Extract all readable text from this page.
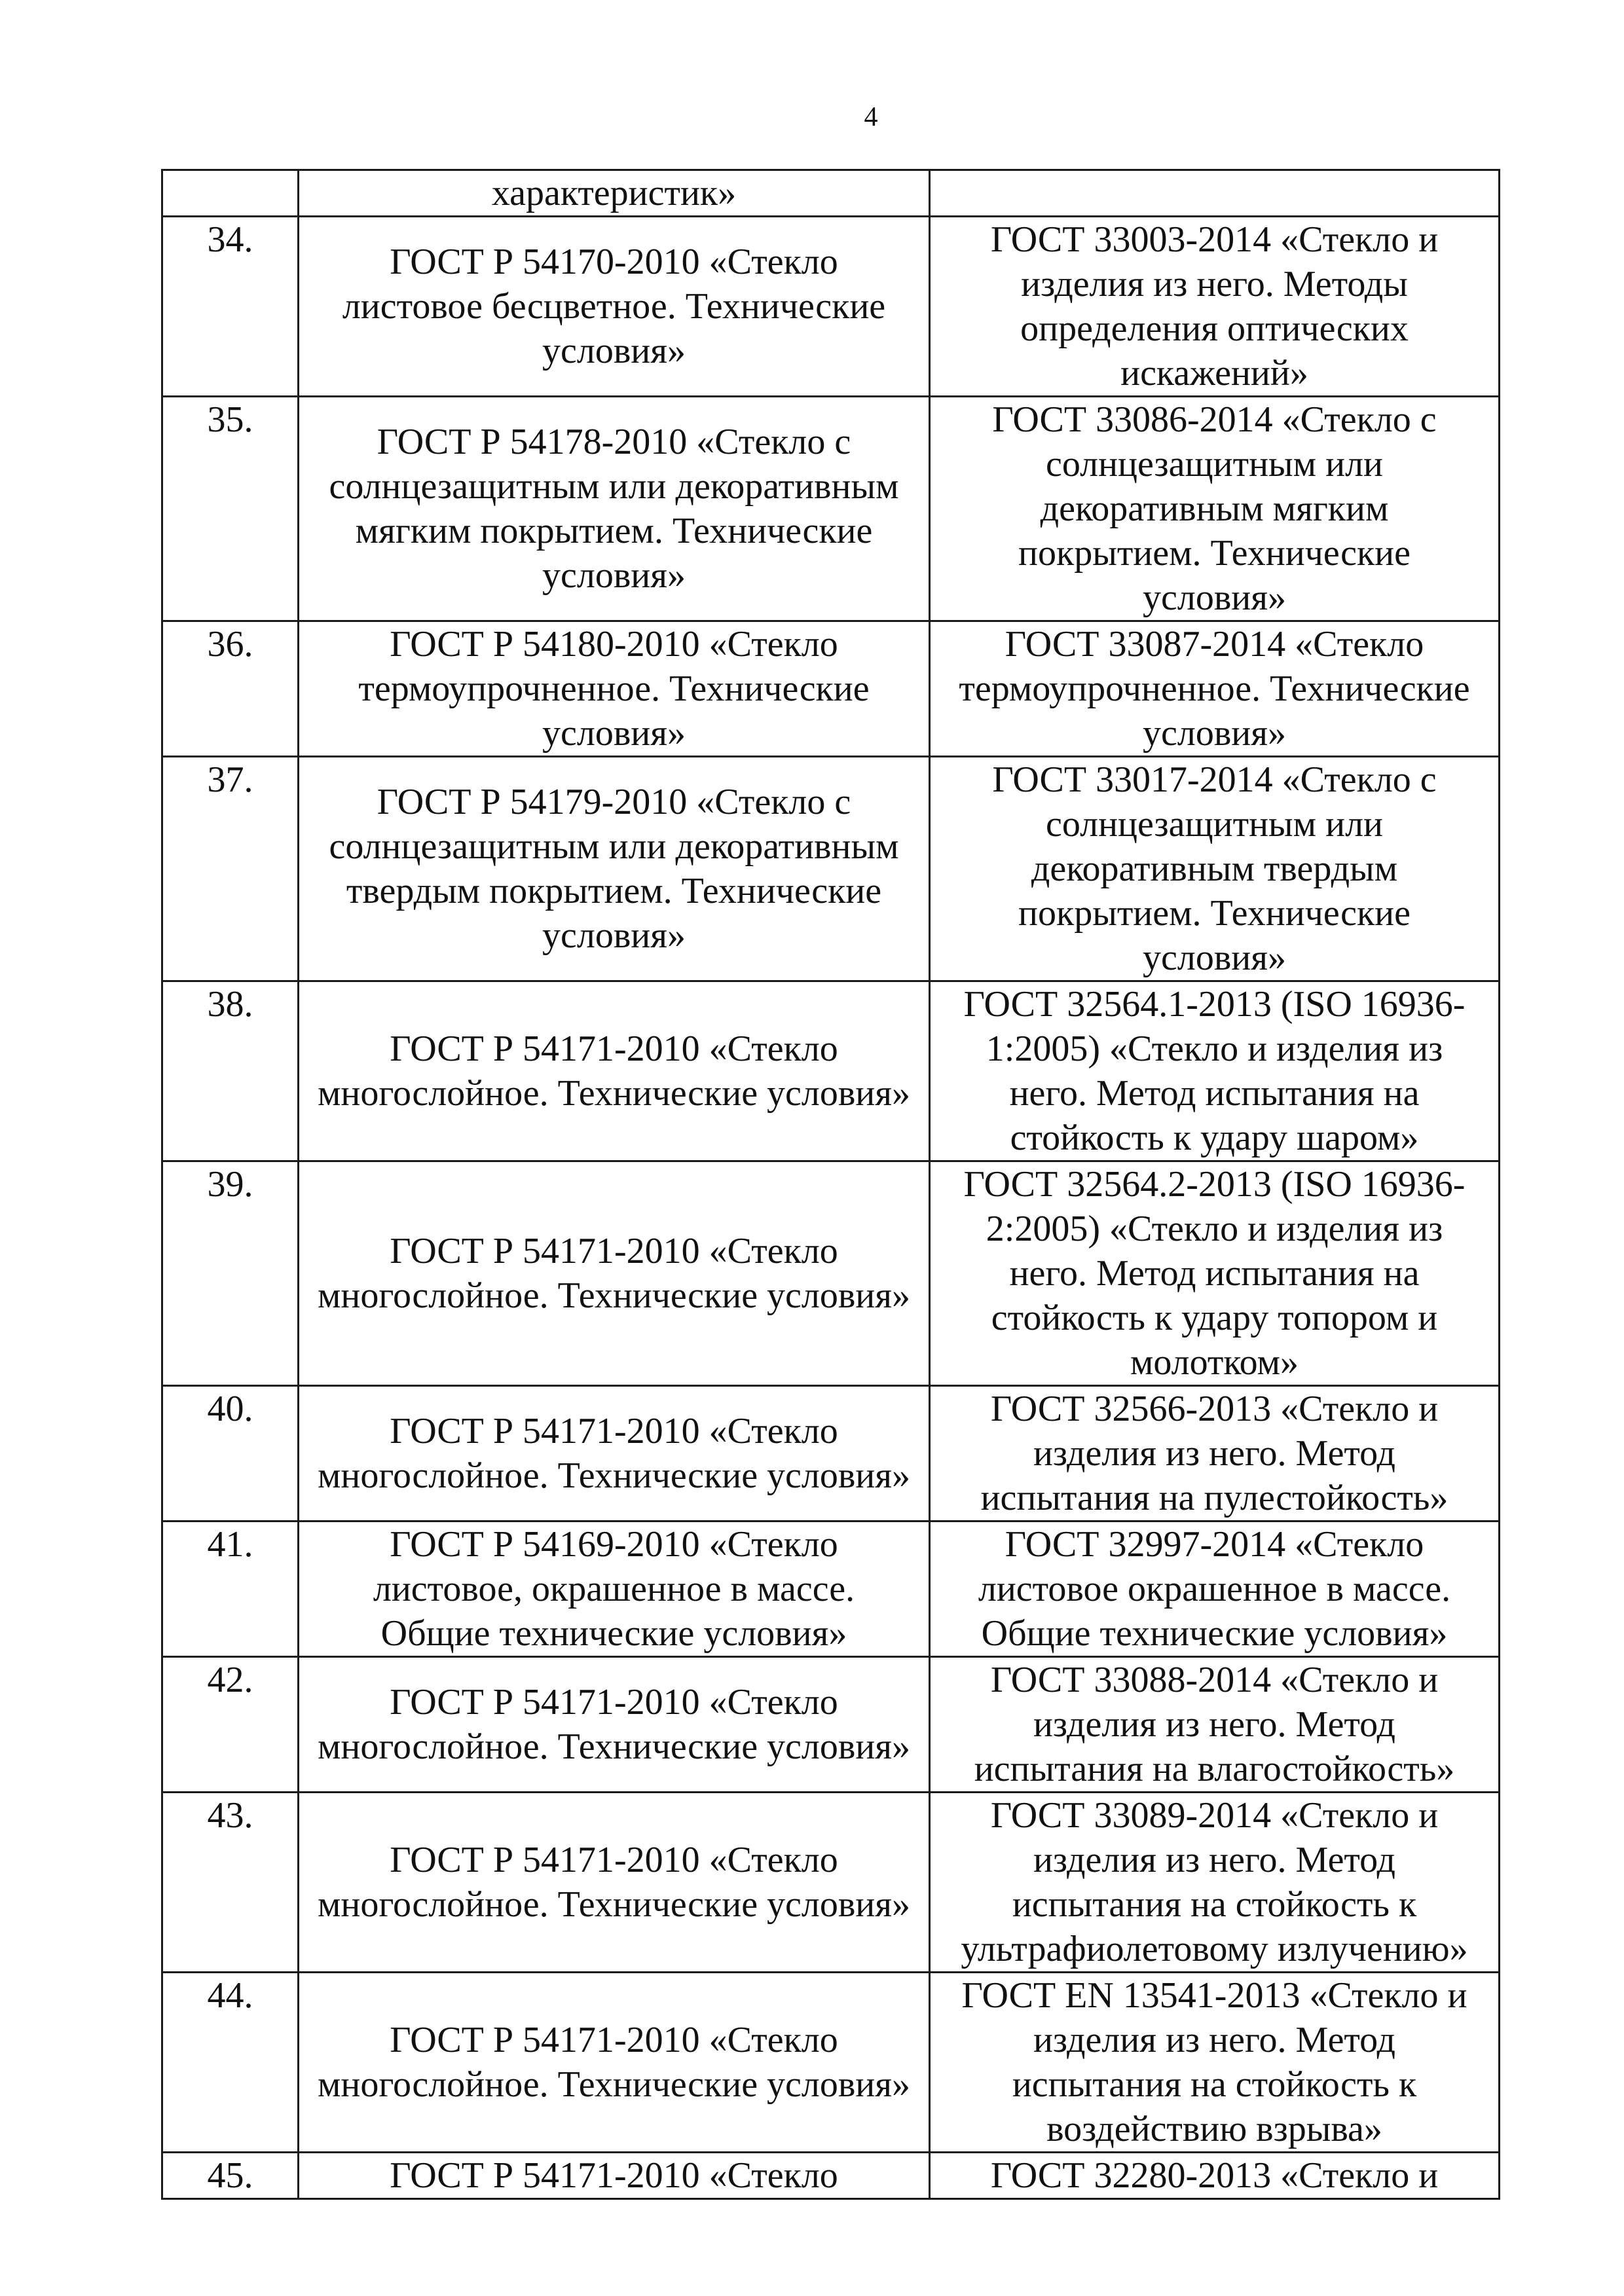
4
	характеристик»	

34.	ГОСТ Р 54170-2010 «Стекло
листовое бесцветное. Технические
условия»	ГОСТ 33003-2014 «Стекло и
изделия из него. Методы
определения оптических
искажений»

35.	ГОСТ Р 54178-2010 «Стекло с
солнцезащитным или декоративным
мягким покрытием. Технические
условия»	ГОСТ 33086-2014 «Стекло с
солнцезащитным или
декоративным мягким
покрытием. Технические
условия»

36.	ГОСТ Р 54180-2010 «Стекло
термоупрочненное. Технические
условия»	ГОСТ 33087-2014 «Стекло
термоупрочненное. Технические
условия»

37.	ГОСТ Р 54179-2010 «Стекло с
солнцезащитным или декоративным
твердым покрытием. Технические
условия»	ГОСТ 33017-2014 «Стекло с
солнцезащитным или
декоративным твердым
покрытием. Технические
условия»

38.	ГОСТ Р 54171-2010 «Стекло
многослойное. Технические условия»	ГОСТ 32564.1-2013 (ISO 16936-
1:2005) «Стекло и изделия из
него. Метод испытания на
стойкость к удару шаром»

39.	ГОСТ Р 54171-2010 «Стекло
многослойное. Технические условия»	ГОСТ 32564.2-2013 (ISO 16936-
2:2005) «Стекло и изделия из
него. Метод испытания на
стойкость к удару топором и
молотком»

40.	ГОСТ Р 54171-2010 «Стекло
многослойное. Технические условия»	ГОСТ 32566-2013 «Стекло и
изделия из него. Метод
испытания на пулестойкость»

41.	ГОСТ Р 54169-2010 «Стекло
листовое, окрашенное в массе.
Общие технические условия»	ГОСТ 32997-2014 «Стекло
листовое окрашенное в массе.
Общие технические условия»

42.	ГОСТ Р 54171-2010 «Стекло
многослойное. Технические условия»	ГОСТ 33088-2014 «Стекло и
изделия из него. Метод
испытания на влагостойкость»

43.	ГОСТ Р 54171-2010 «Стекло
многослойное. Технические условия»	ГОСТ 33089-2014 «Стекло и
изделия из него. Метод
испытания на стойкость к
ультрафиолетовому излучению»

44.	ГОСТ Р 54171-2010 «Стекло
многослойное. Технические условия»	ГОСТ EN 13541-2013 «Стекло и
изделия из него. Метод
испытания на стойкость к
воздействию взрыва»

45.	ГОСТ Р 54171-2010 «Стекло	ГОСТ 32280-2013 «Стекло и
